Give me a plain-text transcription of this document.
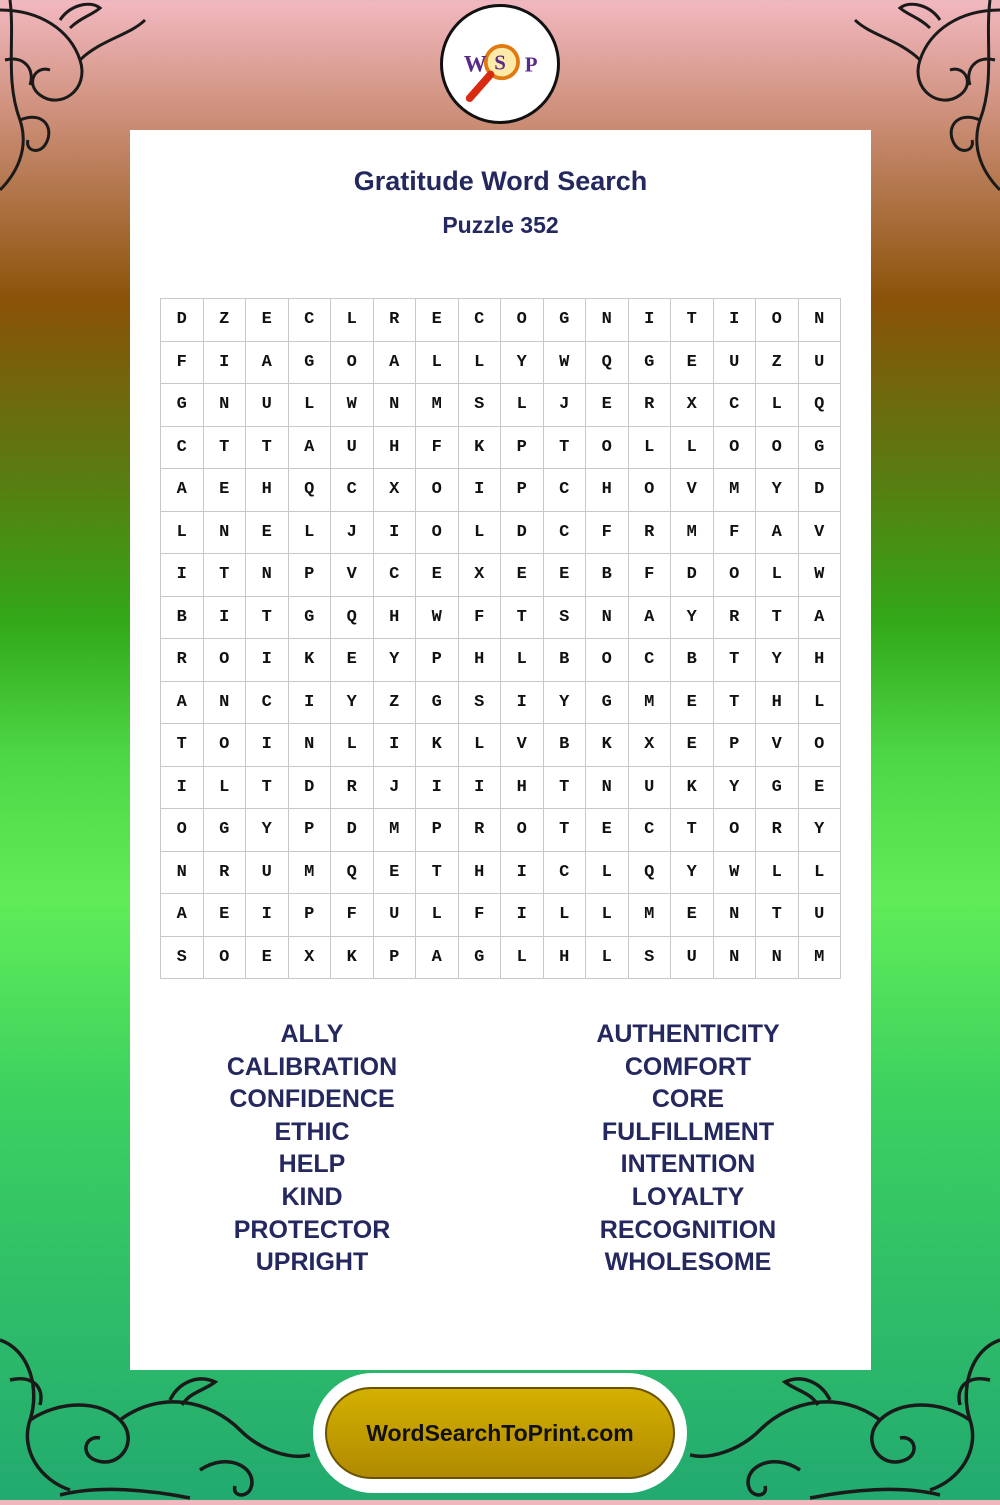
W S P
Gratitude Word Search
Puzzle 352
D	Z	E	C	L	R	E	C	O	G	N	I	T	I	O	N
F	I	A	G	O	A	L	L	Y	W	Q	G	E	U	Z	U
G	N	U	L	W	N	M	S	L	J	E	R	X	C	L	Q
C	T	T	A	U	H	F	K	P	T	O	L	L	O	O	G
A	E	H	Q	C	X	O	I	P	C	H	O	V	M	Y	D
L	N	E	L	J	I	O	L	D	C	F	R	M	F	A	V
I	T	N	P	V	C	E	X	E	E	B	F	D	O	L	W
B	I	T	G	Q	H	W	F	T	S	N	A	Y	R	T	A
R	O	I	K	E	Y	P	H	L	B	O	C	B	T	Y	H
A	N	C	I	Y	Z	G	S	I	Y	G	M	E	T	H	L
T	O	I	N	L	I	K	L	V	B	K	X	E	P	V	O
I	L	T	D	R	J	I	I	H	T	N	U	K	Y	G	E
O	G	Y	P	D	M	P	R	O	T	E	C	T	O	R	Y
N	R	U	M	Q	E	T	H	I	C	L	Q	Y	W	L	L
A	E	I	P	F	U	L	F	I	L	L	M	E	N	T	U
S	O	E	X	K	P	A	G	L	H	L	S	U	N	N	M
ALLY
CALIBRATION
CONFIDENCE
ETHIC
HELP
KIND
PROTECTOR
UPRIGHT
AUTHENTICITY
COMFORT
CORE
FULFILLMENT
INTENTION
LOYALTY
RECOGNITION
WHOLESOME
WordSearchToPrint.com
